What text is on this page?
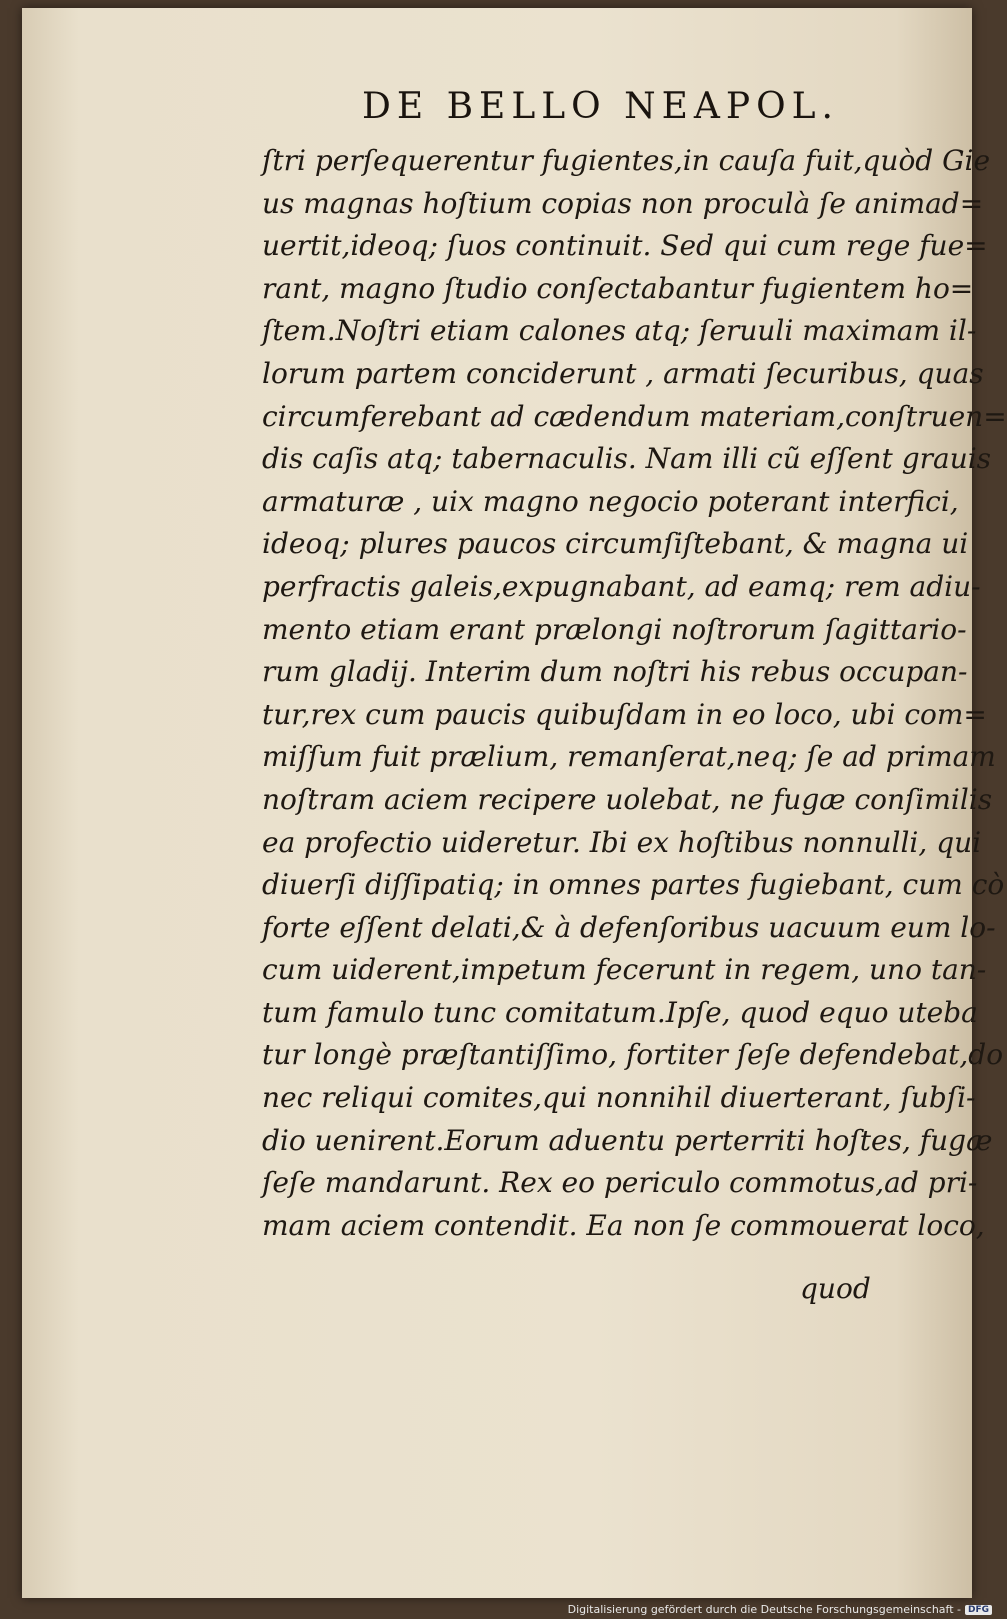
DE BELLO NEAPOL.
ſtri perſequerentur fugientes,in cauſa fuit,quòd Gie
us magnas hoſtium copias non proculà ſe animad=
uertit,ideoq; ſuos continuit. Sed qui cum rege fue=
rant, magno ſtudio conſectabantur fugientem ho=
ſtem.Noſtri etiam calones atq; ſeruuli maximam il-
lorum partem conciderunt , armati ſecuribus, quas
circumferebant ad cædendum materiam,conſtruen=
dis caſis atq; tabernaculis. Nam illi cũ eſſent grauis
armaturæ , uix magno negocio poterant interfici,
ideoq; plures paucos circumſiſtebant, & magna ui
perfractis galeis,expugnabant, ad eamq; rem adiu-
mento etiam erant prælongi noſtrorum ſagittario-
rum gladij. Interim dum noſtri his rebus occupan-
tur,rex cum paucis quibuſdam in eo loco, ubi com=
miſſum fuit prælium, remanſerat,neq; ſe ad primam
noſtram aciem recipere uolebat, ne fugæ conſimilis
ea profectio uideretur. Ibi ex hoſtibus nonnulli, qui
diuerſi diſſipatiq; in omnes partes fugiebant, cum cò
forte eſſent delati,& à defenſoribus uacuum eum lo-
cum uiderent,impetum fecerunt in regem, uno tan-
tum famulo tunc comitatum.Ipſe, quod equo uteba
tur longè præſtantiſſimo, fortiter ſeſe defendebat,do
nec reliqui comites,qui nonnihil diuerterant, ſubſi-
dio uenirent.Eorum aduentu perterriti hoſtes, fugæ
ſeſe mandarunt. Rex eo periculo commotus,ad pri-
mam aciem contendit. Ea non ſe commouerat loco,
quod
Digitalisierung gefördert durch die Deutsche Forschungsgemeinschaft - DFG
